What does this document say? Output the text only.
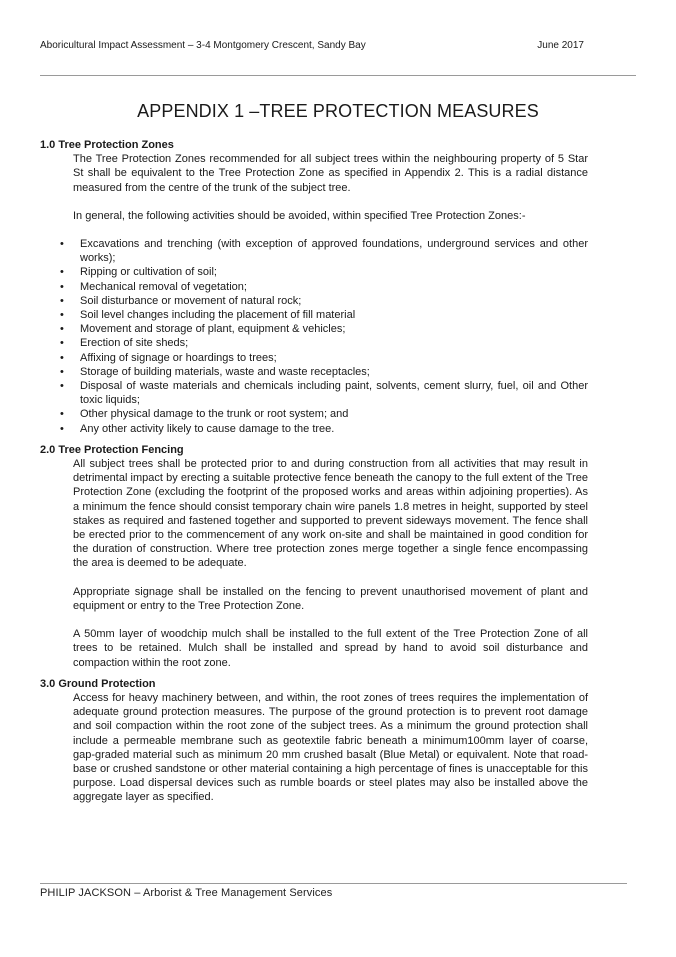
Aboricultural Impact Assessment – 3-4 Montgomery Crescent, Sandy Bay	June 2017
APPENDIX 1 –TREE PROTECTION MEASURES
1.0 Tree Protection Zones
The Tree Protection Zones recommended for all subject trees within the neighbouring property of 5 Star St shall be equivalent to the Tree Protection Zone as specified in Appendix 2. This is a radial distance measured from the centre of the trunk of the subject tree.
In general, the following activities should be avoided, within specified Tree Protection Zones:-
• Excavations and trenching (with exception of approved foundations, underground services and other works);
• Ripping or cultivation of soil;
• Mechanical removal of vegetation;
• Soil disturbance or movement of natural rock;
• Soil level changes including the placement of fill material
• Movement and storage of plant, equipment & vehicles;
• Erection of site sheds;
• Affixing of signage or hoardings to trees;
• Storage of building materials, waste and waste receptacles;
• Disposal of waste materials and chemicals including paint, solvents, cement slurry, fuel, oil and Other toxic liquids;
• Other physical damage to the trunk or root system; and
• Any other activity likely to cause damage to the tree.
2.0 Tree Protection Fencing
All subject trees shall be protected prior to and during construction from all activities that may result in detrimental impact by erecting a suitable protective fence beneath the canopy to the full extent of the Tree Protection Zone (excluding the footprint of the proposed works and areas within adjoining properties). As a minimum the fence should consist temporary chain wire panels 1.8 metres in height, supported by steel stakes as required and fastened together and supported to prevent sideways movement. The fence shall be erected prior to the commencement of any work on-site and shall be maintained in good condition for the duration of construction. Where tree protection zones merge together a single fence encompassing the area is deemed to be adequate.
Appropriate signage shall be installed on the fencing to prevent unauthorised movement of plant and equipment or entry to the Tree Protection Zone.
A 50mm layer of woodchip mulch shall be installed to the full extent of the Tree Protection Zone of all trees to be retained. Mulch shall be installed and spread by hand to avoid soil disturbance and compaction within the root zone.
3.0 Ground Protection
Access for heavy machinery between, and within, the root zones of trees requires the implementation of adequate ground protection measures. The purpose of the ground protection is to prevent root damage and soil compaction within the root zone of the subject trees. As a minimum the ground protection shall include a permeable membrane such as geotextile fabric beneath a minimum100mm layer of coarse, gap-graded material such as minimum 20 mm crushed basalt (Blue Metal) or equivalent. Note that road-base or crushed sandstone or other material containing a high percentage of fines is unacceptable for this purpose. Load dispersal devices such as rumble boards or steel plates may also be installed above the aggregate layer as specified.
PHILIP JACKSON – Arborist & Tree Management Services
